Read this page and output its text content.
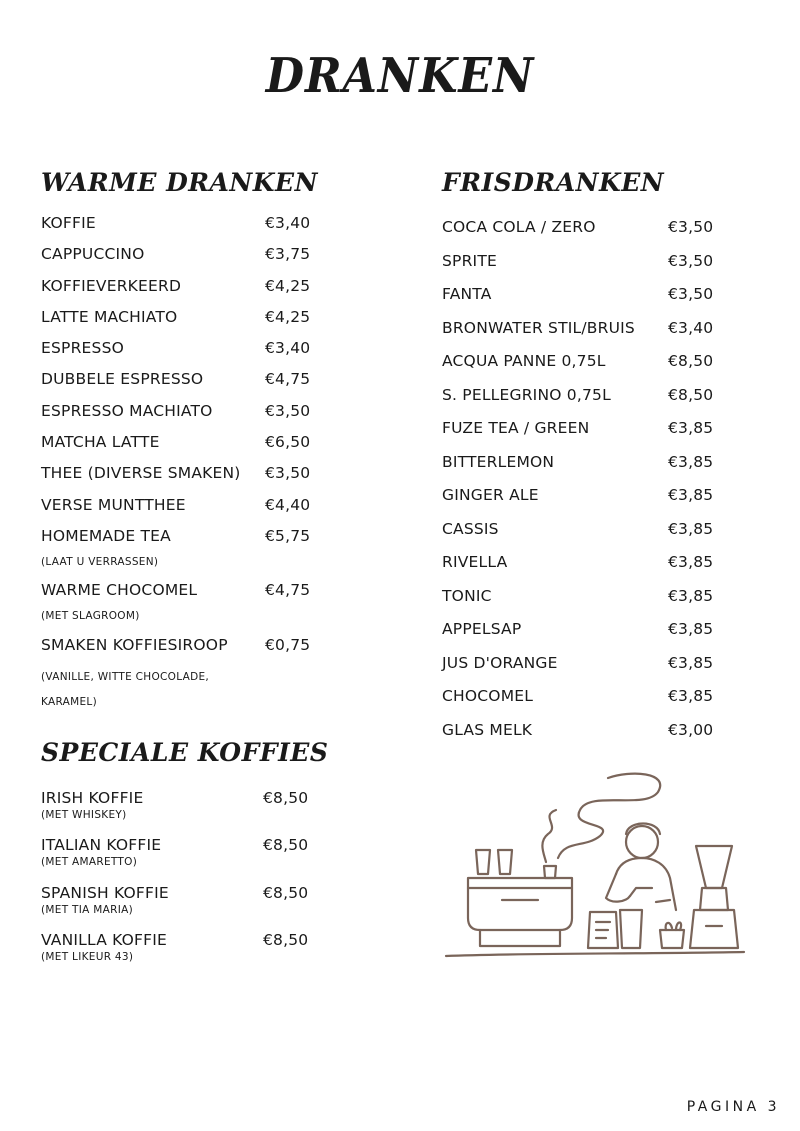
DRANKEN
WARME DRANKEN
KOFFIE	€3,40
CAPPUCCINO	€3,75
KOFFIEVERKEERD	€4,25
LATTE MACHIATO	€4,25
ESPRESSO	€3,40
DUBBELE ESPRESSO	€4,75
ESPRESSO MACHIATO	€3,50
MATCHA LATTE	€6,50
THEE (DIVERSE SMAKEN) €3,50
VERSE MUNTTHEE	€4,40
HOMEMADE TEA	€5,75
(LAAT U VERRASSEN)
WARME CHOCOMEL	€4,75
(MET SLAGROOM)
SMAKEN KOFFIESIROOP €0,75
(VANILLE, WITTE CHOCOLADE,
KARAMEL)
SPECIALE KOFFIES
IRISH KOFFIE	€8,50
(MET WHISKEY)
ITALIAN KOFFIE	€8,50
(MET AMARETTO)
SPANISH KOFFIE	€8,50
(MET TIA MARIA)
VANILLA KOFFIE	€8,50
(MET LIKEUR 43)
FRISDRANKEN
COCA COLA / ZERO	€3,50
SPRITE	€3,50
FANTA	€3,50
BRONWATER STIL/BRUIS €3,40
ACQUA PANNE 0,75L	€8,50
S. PELLEGRINO 0,75L	€8,50
FUZE TEA / GREEN	€3,85
BITTERLEMON	€3,85
GINGER ALE	€3,85
CASSIS	€3,85
RIVELLA	€3,85
TONIC	€3,85
APPELSAP	€3,85
JUS D'ORANGE	€3,85
CHOCOMEL	€3,85
GLAS MELK	€3,00
PAGINA 3
